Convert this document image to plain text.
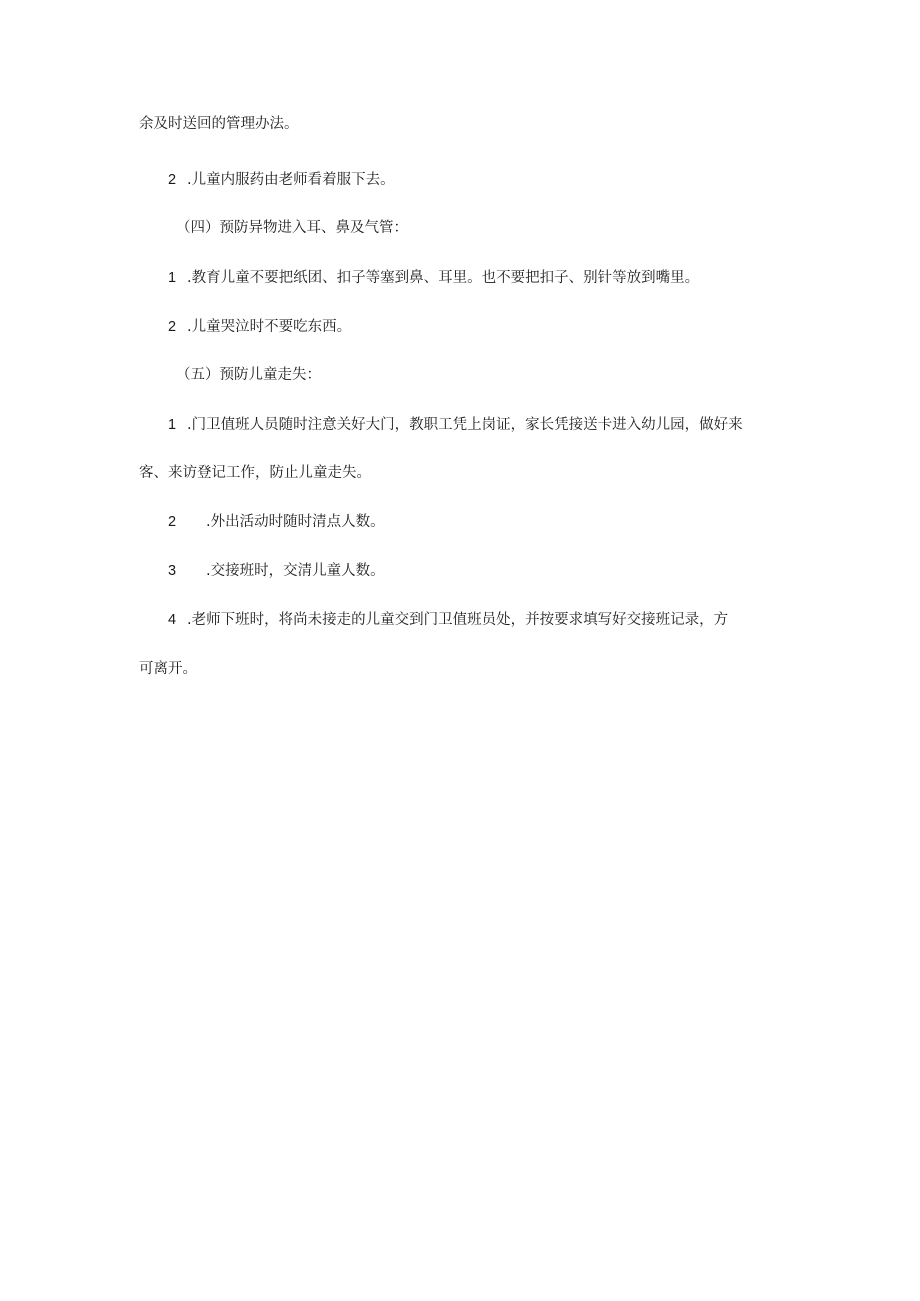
余及时送回的管理办法。
2 .儿童内服药由老师看着服下去。
（四）预防异物进入耳、鼻及气管：
1 .教育儿童不要把纸团、扣子等塞到鼻、耳里。也不要把扣子、别针等放到嘴里。
2 .儿童哭泣时不要吃东西。
（五）预防儿童走失：
1 .门卫值班人员随时注意关好大门，教职工凭上岗证，家长凭接送卡进入幼儿园，做好来
客、来访登记工作，防止儿童走失。
2 .外出活动时随时清点人数。
3 .交接班时，交清儿童人数。
4 .老师下班时，将尚未接走的儿童交到门卫值班员处，并按要求填写好交接班记录，方
可离开。
